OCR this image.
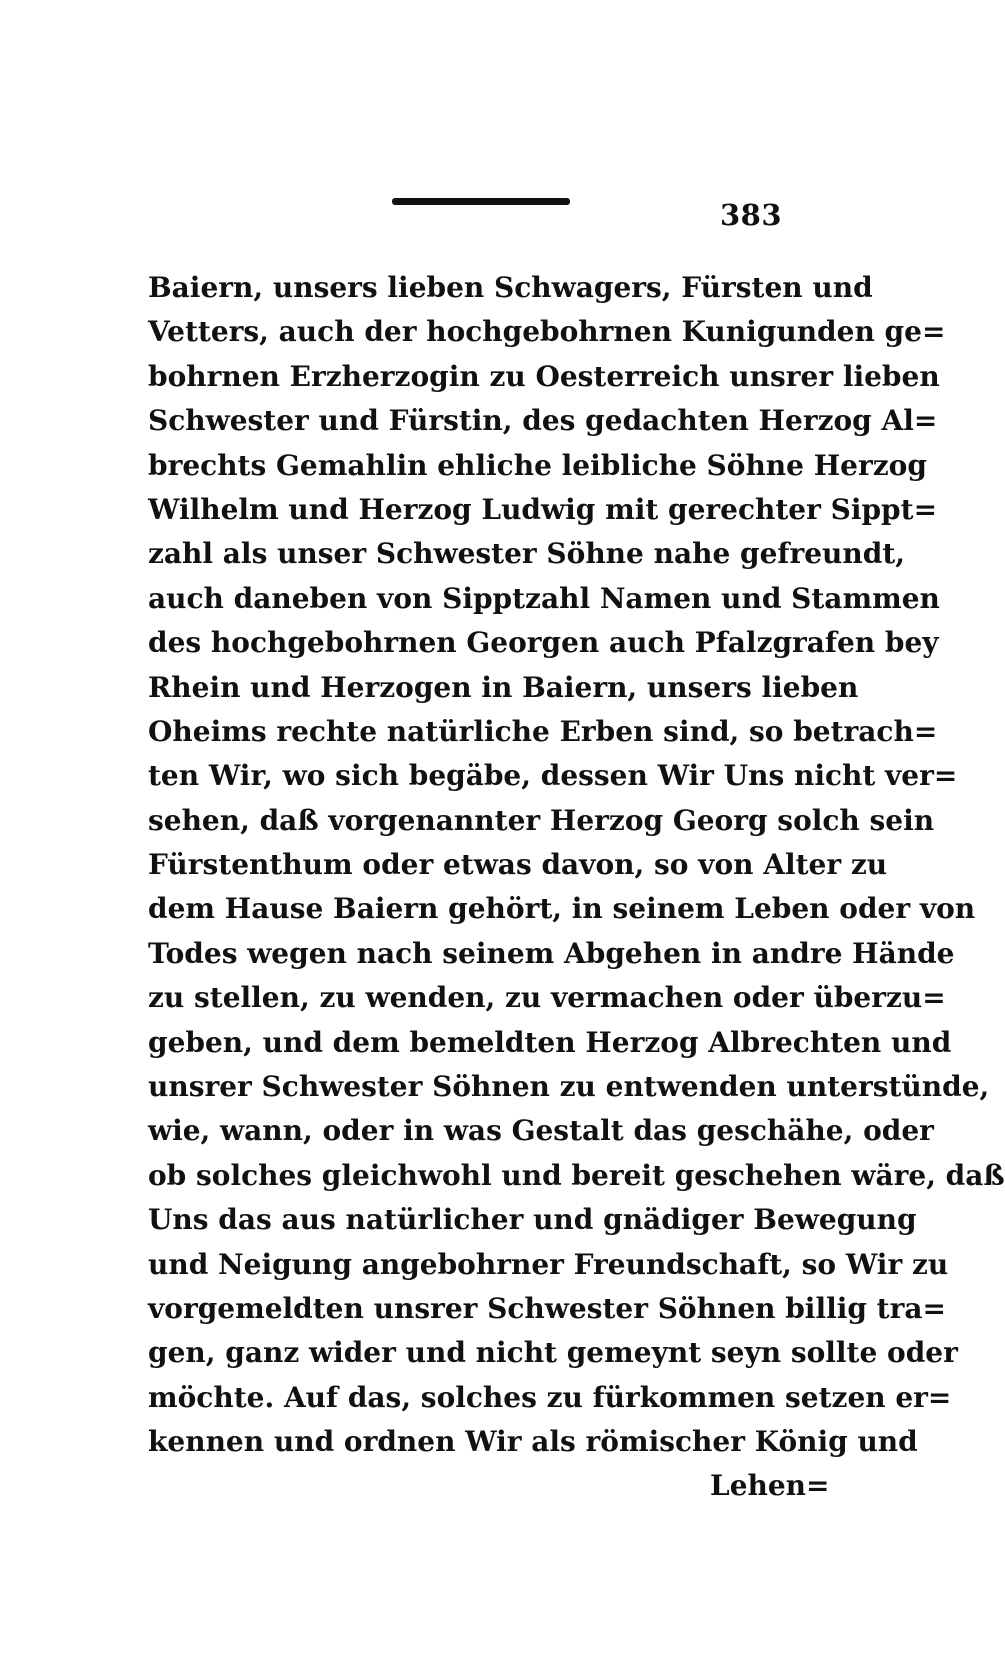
383
Baiern, unsers lieben Schwagers, Fürsten und
Vetters, auch der hochgebohrnen Kunigunden ge=
bohrnen Erzherzogin zu Oesterreich unsrer lieben
Schwester und Fürstin, des gedachten Herzog Al=
brechts Gemahlin ehliche leibliche Söhne Herzog
Wilhelm und Herzog Ludwig mit gerechter Sippt=
zahl als unser Schwester Söhne nahe gefreundt,
auch daneben von Sipptzahl Namen und Stammen
des hochgebohrnen Georgen auch Pfalzgrafen bey
Rhein und Herzogen in Baiern, unsers lieben
Oheims rechte natürliche Erben sind, so betrach=
ten Wir, wo sich begäbe, dessen Wir Uns nicht ver=
sehen, daß vorgenannter Herzog Georg solch sein
Fürstenthum oder etwas davon, so von Alter zu
dem Hause Baiern gehört, in seinem Leben oder von
Todes wegen nach seinem Abgehen in andre Hände
zu stellen, zu wenden, zu vermachen oder überzu=
geben, und dem bemeldten Herzog Albrechten und
unsrer Schwester Söhnen zu entwenden unterstünde,
wie, wann, oder in was Gestalt das geschähe, oder
ob solches gleichwohl und bereit geschehen wäre, daß
Uns das aus natürlicher und gnädiger Bewegung
und Neigung angebohrner Freundschaft, so Wir zu
vorgemeldten unsrer Schwester Söhnen billig tra=
gen, ganz wider und nicht gemeynt seyn sollte oder
möchte. Auf das, solches zu fürkommen setzen er=
kennen und ordnen Wir als römischer König und
Lehen=
